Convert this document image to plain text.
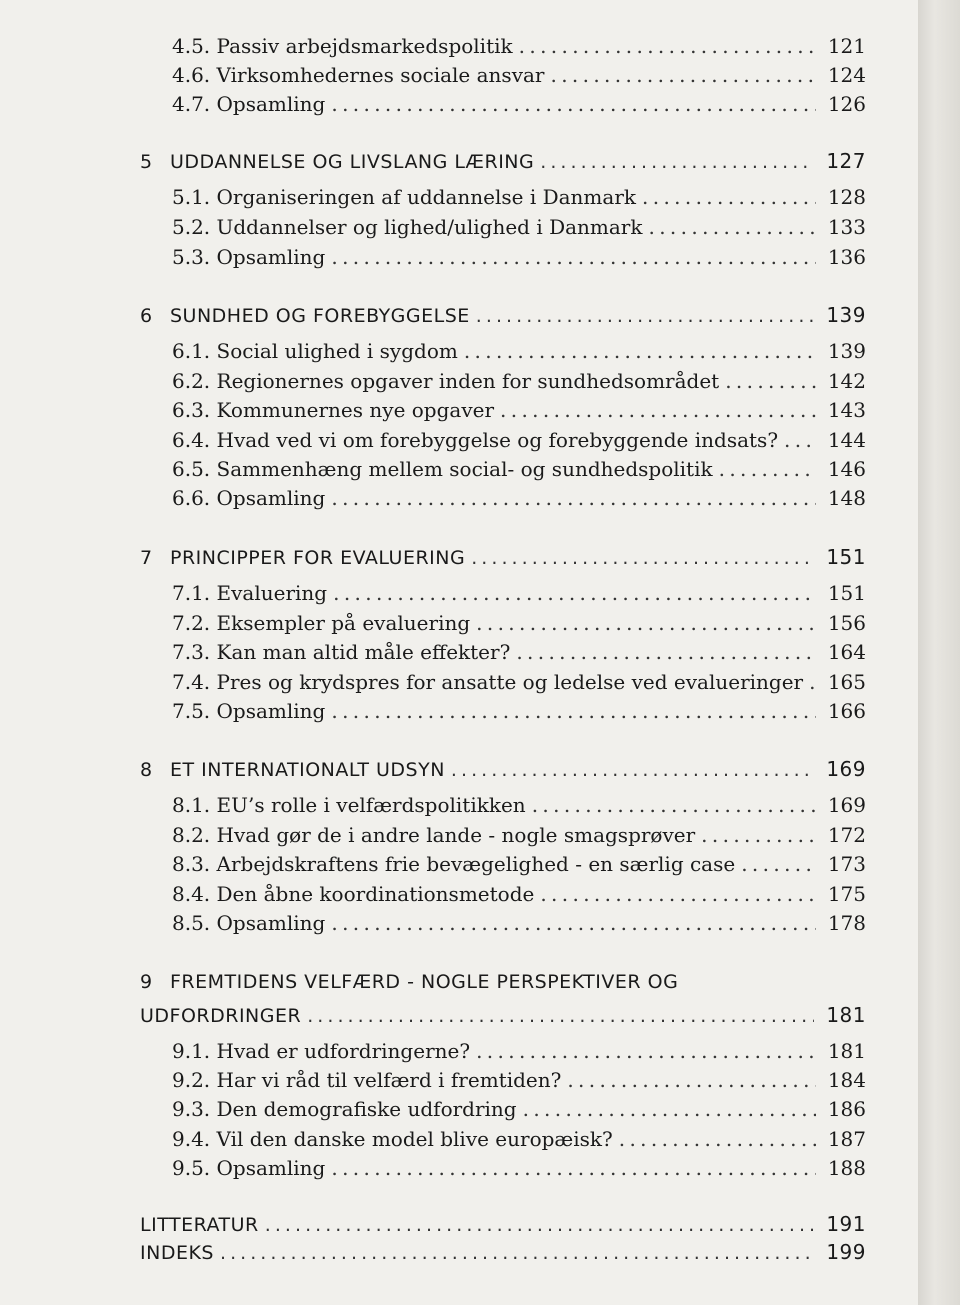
4.5. Passiv arbejdsmarkedspolitik . . .	121
4.6. Virksomhedernes sociale ansvar . . .	124
4.7. Opsamling . . .	126
5 UDDANNELSE OG LIVSLANG LÆRING . . .	127
5.1. Organiseringen af uddannelse i Danmark . . .	128
5.2. Uddannelser og lighed/ulighed i Danmark . . .	133
5.3. Opsamling . . .	136
6 SUNDHED OG FOREBYGGELSE . . .	139
6.1. Social ulighed i sygdom . . .	139
6.2. Regionernes opgaver inden for sundhedsområdet . . .	142
6.3. Kommunernes nye opgaver . . .	143
6.4. Hvad ved vi om forebyggelse og forebyggende indsats? . . . 144
6.5. Sammenhæng mellem social- og sundhedspolitik . . .	146
6.6. Opsamling . . .	148
7 PRINCIPPER FOR EVALUERING . . .	151
7.1. Evaluering . . .	151
7.2. Eksempler på evaluering . . .	156
7.3. Kan man altid måle effekter? . . .	164
7.4. Pres og krydspres for ansatte og ledelse ved evalueringer . . . 165
7.5. Opsamling . . .	166
8 ET INTERNATIONALT UDSYN . . .	169
8.1. EU’s rolle i velfærdspolitikken . . .	169
8.2. Hvad gør de i andre lande - nogle smagsprøver . . .	172
8.3. Arbejdskraftens frie bevægelighed - en særlig case . . .	173
8.4. Den åbne koordinationsmetode . . .	175
8.5. Opsamling . . .	178
9 FREMTIDENS VELFÆRD - NOGLE PERSPEKTIVER OG
UDFORDRINGER . . .	181
9.1. Hvad er udfordringerne? . . .	181
9.2. Har vi råd til velfærd i fremtiden? . . .	184
9.3. Den demografiske udfordring . . .	186
9.4. Vil den danske model blive europæisk? . . .	187
9.5. Opsamling . . .	188
LITTERATUR . . .	191
INDEKS . . .	199
